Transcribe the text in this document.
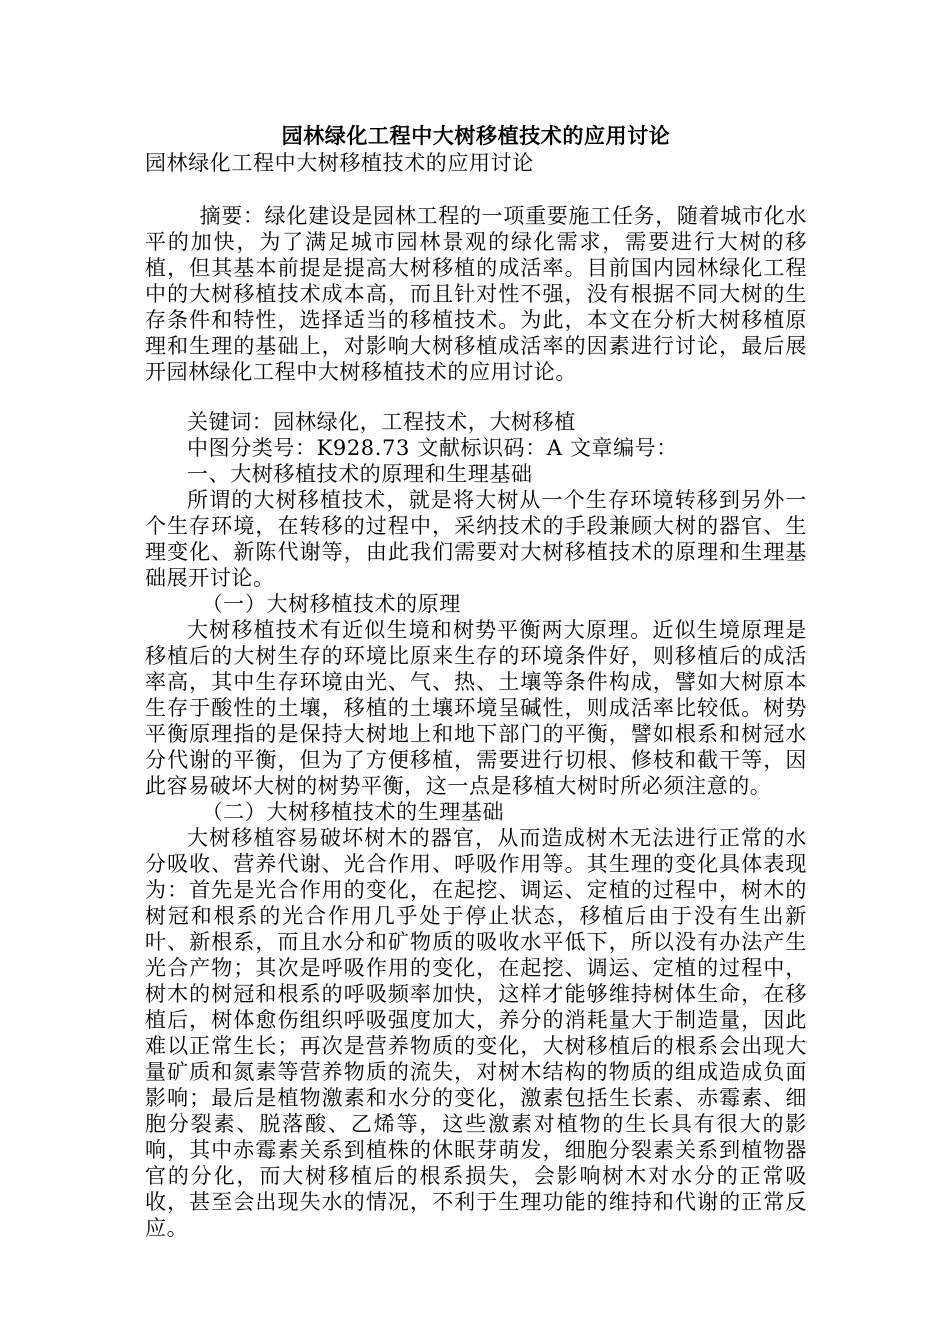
园林绿化工程中大树移植技术的应用讨论

园林绿化工程中大树移植技术的应用讨论

摘要：绿化建设是园林工程的一项重要施工任务，随着城市化水平的加快，为了满足城市园林景观的绿化需求，需要进行大树的移植，但其基本前提是提高大树移植的成活率。目前国内园林绿化工程中的大树移植技术成本高，而且针对性不强，没有根据不同大树的生存条件和特性，选择适当的移植技术。为此，本文在分析大树移植原理和生理的基础上，对影响大树移植成活率的因素进行讨论，最后展开园林绿化工程中大树移植技术的应用讨论。

关键词：园林绿化，工程技术，大树移植

中图分类号：K928.73 文献标识码：A 文章编号：

一、大树移植技术的原理和生理基础

所谓的大树移植技术，就是将大树从一个生存环境转移到另外一个生存环境，在转移的过程中，采纳技术的手段兼顾大树的器官、生理变化、新陈代谢等，由此我们需要对大树移植技术的原理和生理基础展开讨论。

（一）大树移植技术的原理

大树移植技术有近似生境和树势平衡两大原理。近似生境原理是移植后的大树生存的环境比原来生存的环境条件好，则移植后的成活率高，其中生存环境由光、气、热、土壤等条件构成，譬如大树原本生存于酸性的土壤，移植的土壤环境呈碱性，则成活率比较低。树势平衡原理指的是保持大树地上和地下部门的平衡，譬如根系和树冠水分代谢的平衡，但为了方便移植，需要进行切根、修枝和截干等，因此容易破坏大树的树势平衡，这一点是移植大树时所必须注意的。

（二）大树移植技术的生理基础

大树移植容易破坏树木的器官，从而造成树木无法进行正常的水分吸收、营养代谢、光合作用、呼吸作用等。其生理的变化具体表现为：首先是光合作用的变化，在起挖、调运、定植的过程中，树木的树冠和根系的光合作用几乎处于停止状态，移植后由于没有生出新叶、新根系，而且水分和矿物质的吸收水平低下，所以没有办法产生光合产物；其次是呼吸作用的变化，在起挖、调运、定植的过程中，树木的树冠和根系的呼吸频率加快，这样才能够维持树体生命，在移植后，树体愈伤组织呼吸强度加大，养分的消耗量大于制造量，因此难以正常生长；再次是营养物质的变化，大树移植后的根系会出现大量矿质和氮素等营养物质的流失，对树木结构的物质的组成造成负面影响；最后是植物激素和水分的变化，激素包括生长素、赤霉素、细胞分裂素、脱落酸、乙烯等，这些激素对植物的生长具有很大的影响，其中赤霉素关系到植株的休眠芽萌发，细胞分裂素关系到植物器官的分化，而大树移植后的根系损失，会影响树木对水分的正常吸收，甚至会出现失水的情况，不利于生理功能的维持和代谢的正常反应。
